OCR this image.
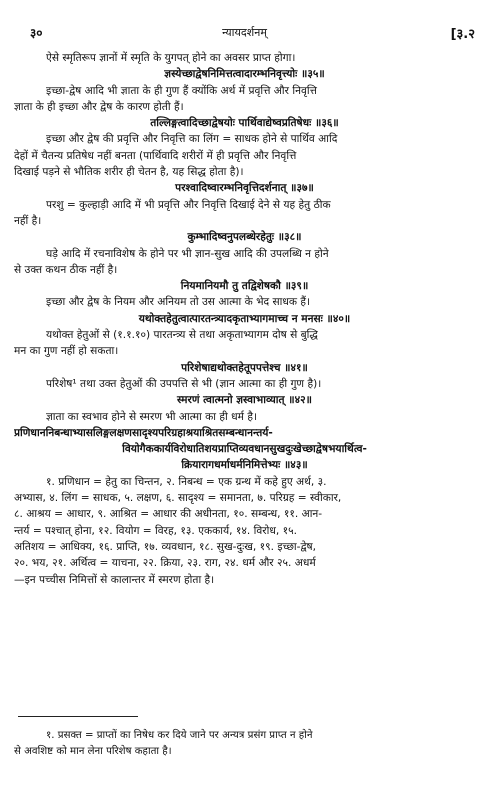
३०	न्यायदर्शनम्	[३.२
ऐसे स्मृतिरूप ज्ञानों में स्मृति के युगपत् होने का अवसर प्राप्त होगा।
ज्ञस्येच्छाद्वेषनिमित्तत्वादारम्भनिवृत्त्योः ॥३५॥
इच्छा-द्वेष आदि भी ज्ञाता के ही गुण हैं क्योंकि अर्थ में प्रवृत्ति और निवृत्ति
ज्ञाता के ही इच्छा और द्वेष के कारण होती हैं।
तल्लिङ्गत्वादिच्छाद्वेषयोः पार्थिवाद्येष्वप्रतिषेधः ॥३६॥
इच्छा और द्वेष की प्रवृत्ति और निवृत्ति का लिंग = साधक होने से पार्थिव आदि
देहों में चैतन्य प्रतिषेध नहीं बनता (पार्थिवादि शरीरों में ही प्रवृत्ति और निवृत्ति
दिखाई पड़ने से भौतिक शरीर ही चेतन है, यह सिद्ध होता है)।
परश्वादिष्वारम्भनिवृत्तिदर्शनात् ॥३७॥
परशु = कुल्हाड़ी आदि में भी प्रवृत्ति और निवृत्ति दिखाई देने से यह हेतु ठीक
नहीं है।
कुम्भादिष्वनुपलब्धेरहेतुः ॥३८॥
घड़े आदि में रचनाविशेष के होने पर भी ज्ञान-सुख आदि की उपलब्धि न होने
से उक्त कथन ठीक नहीं है।
नियमानियमौ तु तद्विशेषकौ ॥३९॥
इच्छा और द्वेष के नियम और अनियम तो उस आत्मा के भेद साधक हैं।
यथोक्तहेतुत्वात्पारतन्त्र्यादकृताभ्यागमाच्च न मनसः ॥४०॥
यथोक्त हेतुओं से (१.१.१०) पारतन्त्र्य से तथा अकृताभ्यागम दोष से बुद्धि
मन का गुण नहीं हो सकता।
परिशेषाद्यथोक्तहेतूपपत्तेश्च ॥४१॥
परिशेष¹ तथा उक्त हेतुओं की उपपत्ति से भी (ज्ञान आत्मा का ही गुण है)।
स्मरणं त्वात्मनो ज्ञस्वाभाव्यात् ॥४२॥
ज्ञाता का स्वभाव होने से स्मरण भी आत्मा का ही धर्म है।
प्रणिधाननिबन्धाभ्यासलिङ्गलक्षणसादृश्यपरिग्रहाश्रयाश्रितसम्बन्धानन्तर्य-
वियोगैककार्यविरोधातिशयप्राप्तिव्यवधानसुखदुःखेच्छाद्वेषभयार्थित्व-
क्रियारागधर्माधर्मनिमित्तेभ्यः ॥४३॥
१. प्रणिधान = हेतु का चिन्तन, २. निबन्ध = एक ग्रन्थ में कहे हुए अर्थ, ३.
अभ्यास, ४. लिंग = साधक, ५. लक्षण, ६. सादृश्य = समानता, ७. परिग्रह = स्वीकार,
८. आश्रय = आधार, ९. आश्रित = आधार की अधीनता, १०. सम्बन्ध, ११. आन-
न्तर्य = पश्चात् होना, १२. वियोग = विरह, १३. एककार्य, १४. विरोध, १५.
अतिशय = आधिक्य, १६. प्राप्ति, १७. व्यवधान, १८. सुख-दुःख, १९. इच्छा-द्वेष,
२०. भय, २१. अर्थित्व = याचना, २२. क्रिया, २३. राग, २४. धर्म और २५. अधर्म
—इन पच्चीस निमित्तों से कालान्तर में स्मरण होता है।
१. प्रसक्त = प्राप्तों का निषेध कर दिये जाने पर अन्यत्र प्रसंग प्राप्त न होने
से अवशिष्ट को मान लेना परिशेष कहाता है।
